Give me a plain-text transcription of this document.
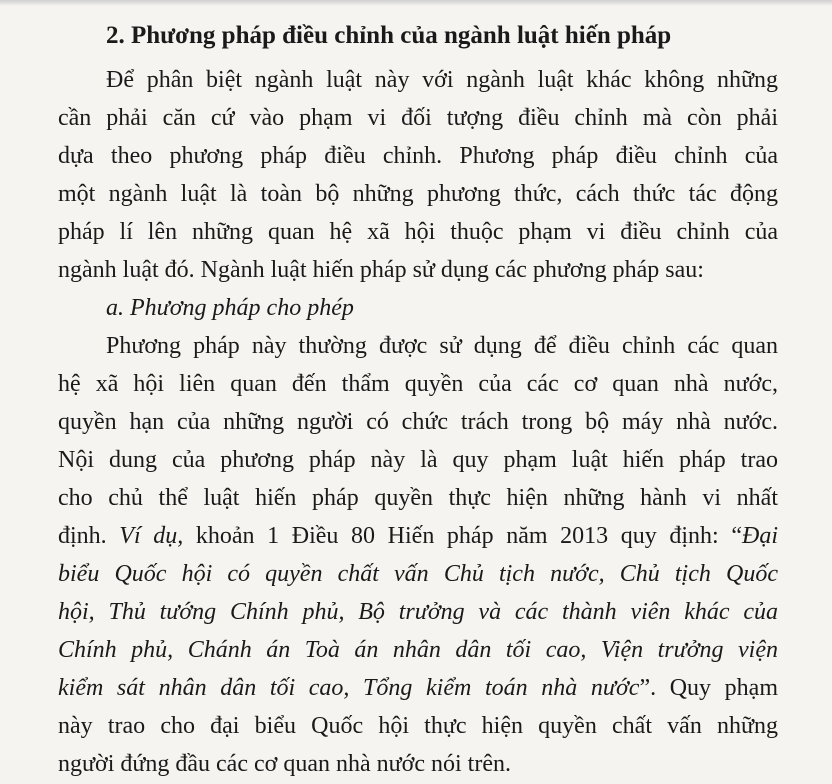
2. Phương pháp điều chỉnh của ngành luật hiến pháp
Để phân biệt ngành luật này với ngành luật khác không những
cần phải căn cứ vào phạm vi đối tượng điều chỉnh mà còn phải
dựa theo phương pháp điều chỉnh. Phương pháp điều chỉnh của
một ngành luật là toàn bộ những phương thức, cách thức tác động
pháp lí lên những quan hệ xã hội thuộc phạm vi điều chỉnh của
ngành luật đó. Ngành luật hiến pháp sử dụng các phương pháp sau:
a. Phương pháp cho phép
Phương pháp này thường được sử dụng để điều chỉnh các quan
hệ xã hội liên quan đến thẩm quyền của các cơ quan nhà nước,
quyền hạn của những người có chức trách trong bộ máy nhà nước.
Nội dung của phương pháp này là quy phạm luật hiến pháp trao
cho chủ thể luật hiến pháp quyền thực hiện những hành vi nhất
định. Ví dụ, khoản 1 Điều 80 Hiến pháp năm 2013 quy định: “Đại
biểu Quốc hội có quyền chất vấn Chủ tịch nước, Chủ tịch Quốc
hội, Thủ tướng Chính phủ, Bộ trưởng và các thành viên khác của
Chính phủ, Chánh án Toà án nhân dân tối cao, Viện trưởng viện
kiểm sát nhân dân tối cao, Tổng kiểm toán nhà nước”. Quy phạm
này trao cho đại biểu Quốc hội thực hiện quyền chất vấn những
người đứng đầu các cơ quan nhà nước nói trên.
